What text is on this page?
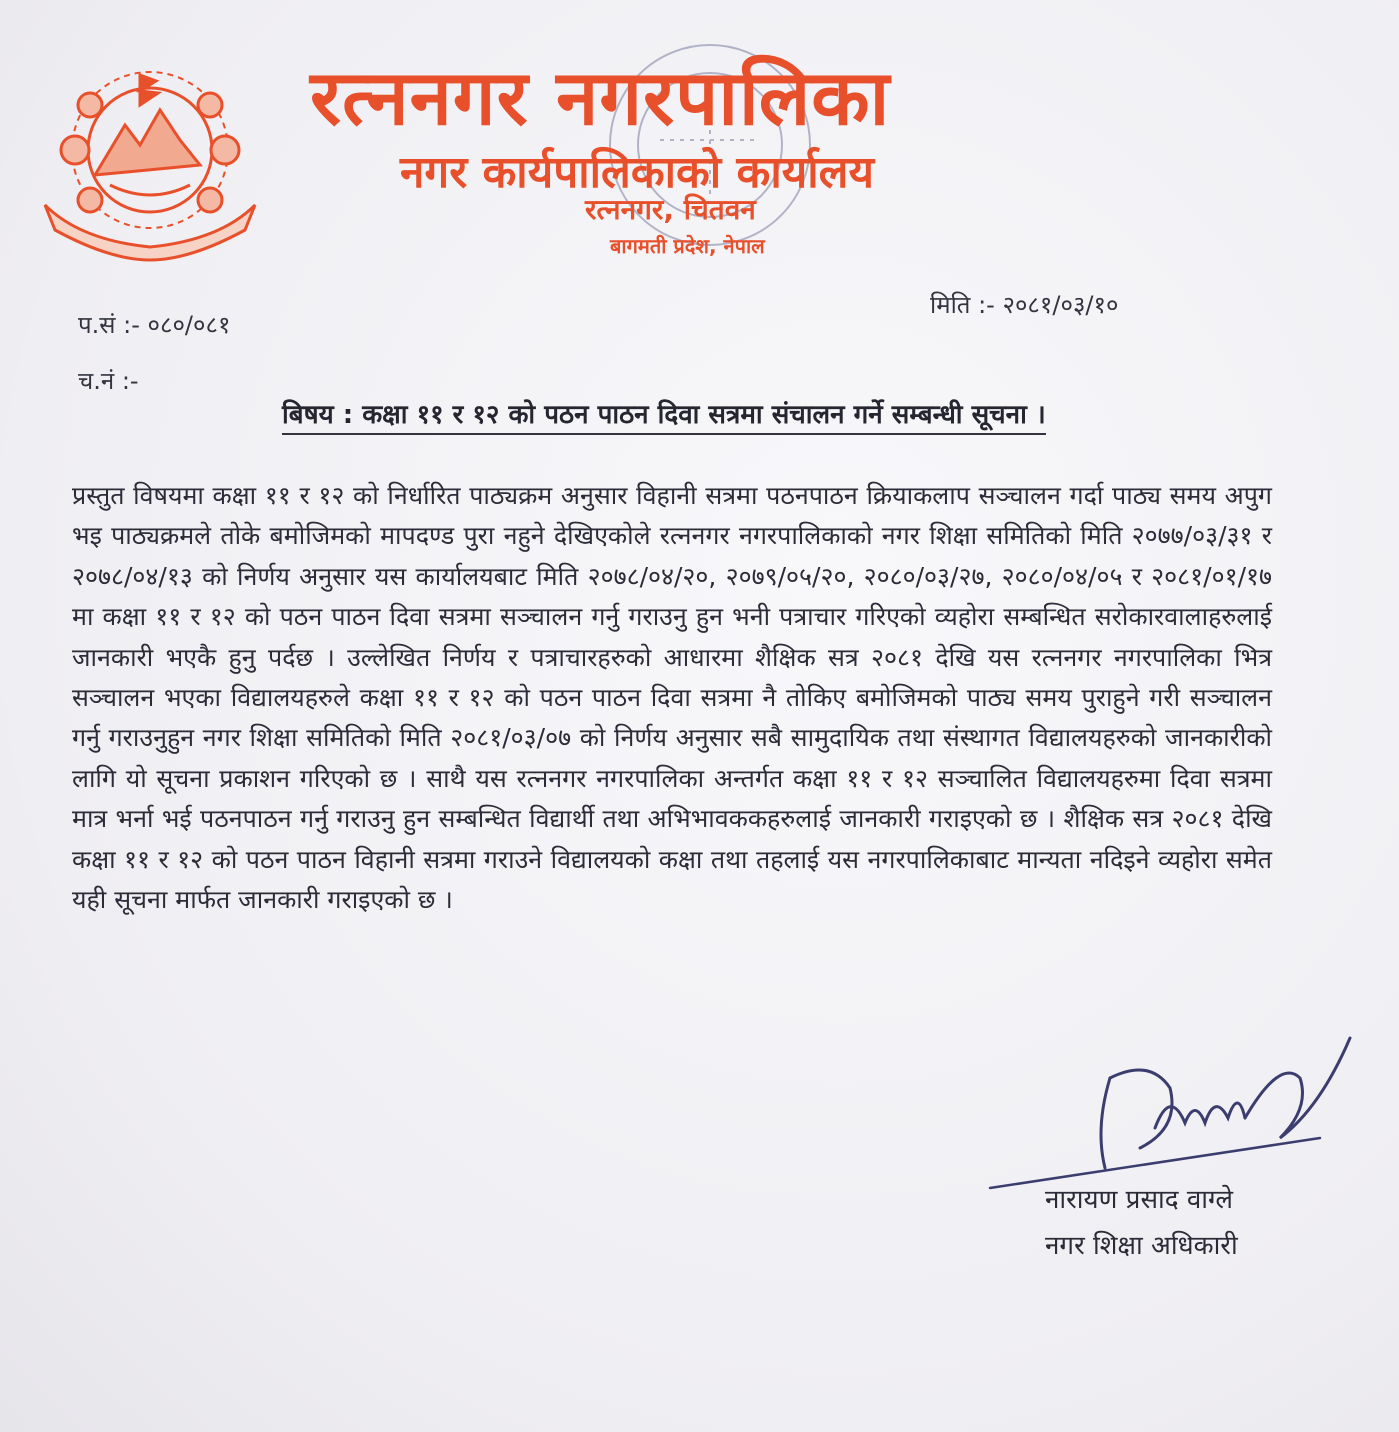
रत्ननगर नगरपालिका
नगर कार्यपालिकाको कार्यालय
रत्ननगर, चितवन
बागमती प्रदेश, नेपाल
मिति :- २०८१/०३/१०
प.सं :- ०८०/०८१
च.नं :-
बिषय : कक्षा ११ र १२ को पठन पाठन दिवा सत्रमा संचालन गर्ने सम्बन्धी सूचना ।

प्रस्तुत विषयमा कक्षा ११ र १२ को निर्धारित पाठ्यक्रम अनुसार विहानी सत्रमा पठनपाठन क्रियाकलाप सञ्चालन गर्दा पाठ्य समय अपुग भइ पाठ्यक्रमले तोके बमोजिमको मापदण्ड पुरा नहुने देखिएकोले रत्ननगर नगरपालिकाको नगर शिक्षा समितिको मिति २०७७/०३/३१ र २०७८/०४/१३ को निर्णय अनुसार यस कार्यालयबाट मिति २०७८/०४/२०, २०७९/०५/२०, २०८०/०३/२७, २०८०/०४/०५ र २०८१/०१/१७ मा कक्षा ११ र १२ को पठन पाठन दिवा सत्रमा सञ्चालन गर्नु गराउनु हुन भनी पत्राचार गरिएको व्यहोरा सम्बन्धित सरोकारवालाहरुलाई जानकारी भएकै हुनु पर्दछ । उल्लेखित निर्णय र पत्राचारहरुको आधारमा शैक्षिक सत्र २०८१ देखि यस रत्ननगर नगरपालिका भित्र सञ्चालन भएका विद्यालयहरुले कक्षा ११ र १२ को पठन पाठन दिवा सत्रमा नै तोकिए बमोजिमको पाठ्य समय पुराहुने गरी सञ्चालन गर्नु गराउनुहुन नगर शिक्षा समितिको मिति २०८१/०३/०७ को निर्णय अनुसार सबै सामुदायिक तथा संस्थागत विद्यालयहरुको जानकारीको लागि यो सूचना प्रकाशन गरिएको छ । साथै यस रत्ननगर नगरपालिका अन्तर्गत कक्षा ११ र १२ सञ्चालित विद्यालयहरुमा दिवा सत्रमा मात्र भर्ना भई पठनपाठन गर्नु गराउनु हुन सम्बन्धित विद्यार्थी तथा अभिभावककहरुलाई जानकारी गराइएको छ । शैक्षिक सत्र २०८१ देखि कक्षा ११ र १२ को पठन पाठन विहानी सत्रमा गराउने विद्यालयको कक्षा तथा तहलाई यस नगरपालिकाबाट मान्यता नदिइने व्यहोरा समेत यही सूचना मार्फत जानकारी गराइएको छ ।

नारायण प्रसाद वाग्ले
नगर शिक्षा अधिकारी
